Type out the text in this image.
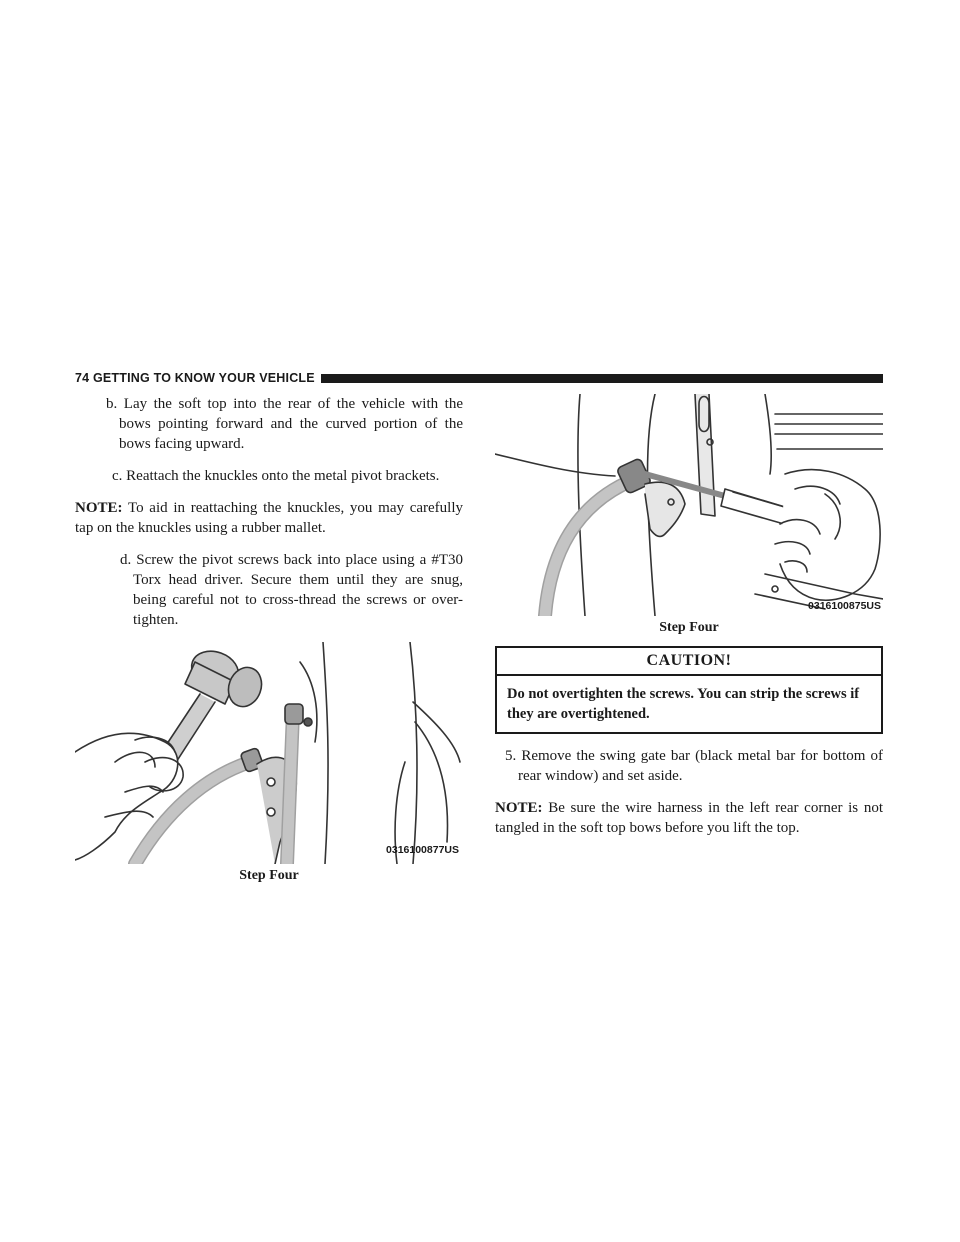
74 GETTING TO KNOW YOUR VEHICLE

b. Lay the soft top into the rear of the vehicle with the bows pointing forward and the curved portion of the bows facing upward.

c. Reattach the knuckles onto the metal pivot brackets.

NOTE: To aid in reattaching the knuckles, you may carefully tap on the knuckles using a rubber mallet.

d. Screw the pivot screws back into place using a #T30 Torx head driver. Secure them until they are snug, being careful not to cross-thread the screws or over-tighten.

0316100877US
Step Four
0316100875US
Step Four
CAUTION!
Do not overtighten the screws. You can strip the screws if they are overtightened.

5. Remove the swing gate bar (black metal bar for bottom of rear window) and set aside.

NOTE: Be sure the wire harness in the left rear corner is not tangled in the soft top bows before you lift the top.
